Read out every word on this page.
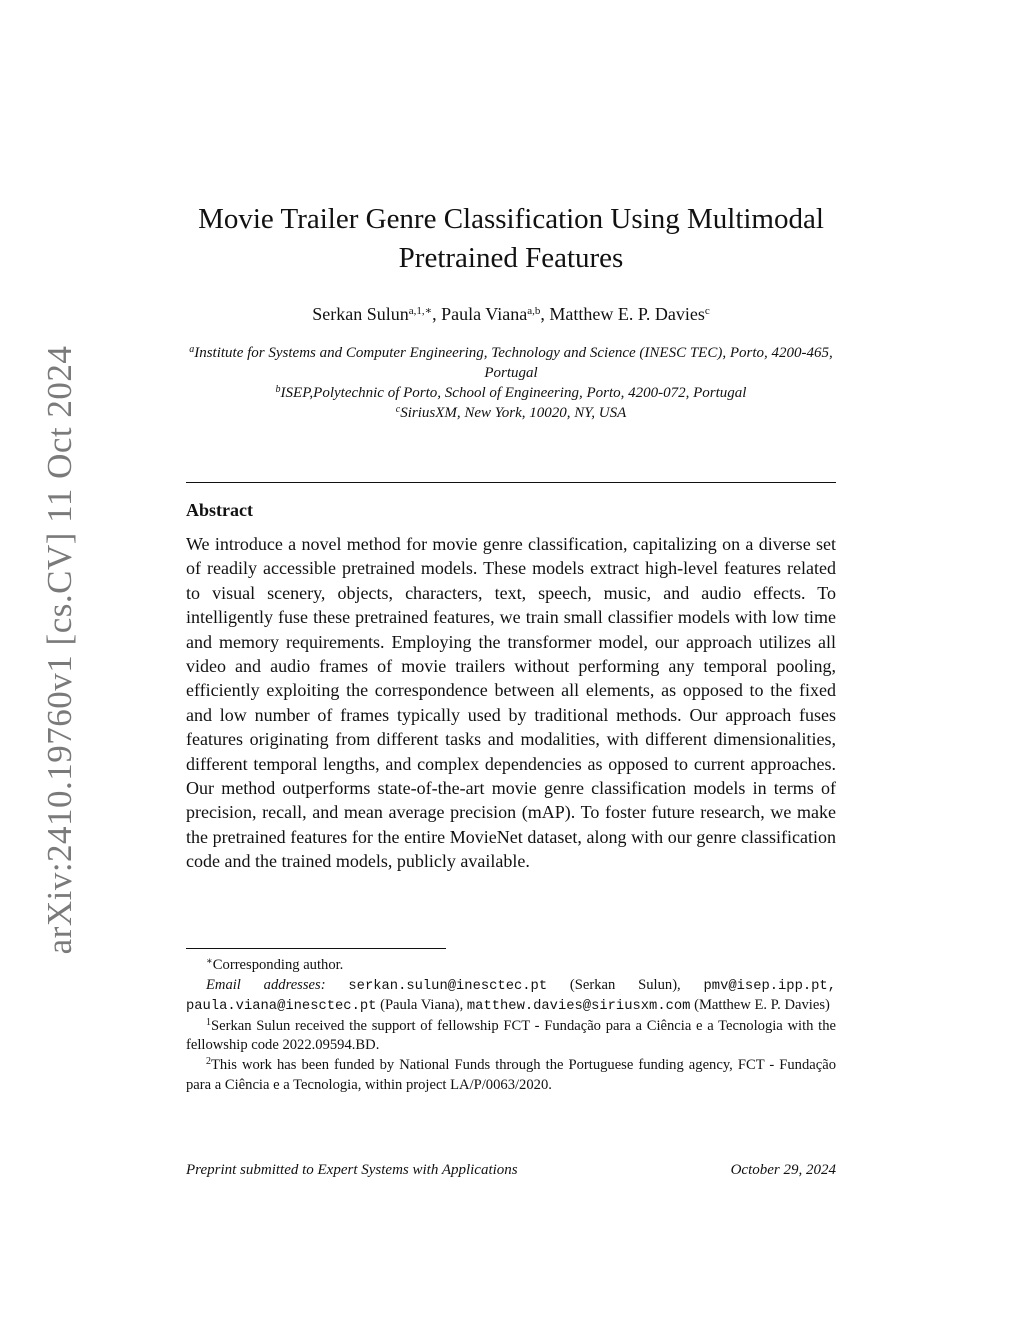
arXiv:2410.19760v1 [cs.CV] 11 Oct 2024
Movie Trailer Genre Classification Using Multimodal
Pretrained Features
Serkan Sulun$^{a,1,∗}$, Paula Viana$^{a,b}$, Matthew E. P. Davies$^c$
$^a$Institute for Systems and Computer Engineering, Technology and Science (INESC TEC), Porto, 4200-465, Portugal
$^b$ISEP,Polytechnic of Porto, School of Engineering, Porto, 4200-072, Portugal
$^c$SiriusXM, New York, 10020, NY, USA
Abstract
We introduce a novel method for movie genre classification, capitalizing on a diverse set of readily accessible pretrained models. These models extract high-level features related to visual scenery, objects, characters, text, speech, music, and audio effects. To intelligently fuse these pretrained features, we train small classifier models with low time and memory requirements. Employing the transformer model, our approach utilizes all video and audio frames of movie trailers without performing any temporal pooling, efficiently exploiting the correspondence between all elements, as opposed to the fixed and low number of frames typically used by traditional methods. Our approach fuses features originating from different tasks and modalities, with different dimensionalities, different temporal lengths, and complex dependencies as opposed to current approaches. Our method outperforms state-of-the-art movie genre classification models in terms of precision, recall, and mean average precision (mAP). To foster future research, we make the pretrained features for the entire MovieNet dataset, along with our genre classification code and the trained models, publicly available.

∗Corresponding author.

Email addresses: serkan.sulun@inesctec.pt (Serkan Sulun), pmv@isep.ipp.pt, paula.viana@inesctec.pt (Paula Viana), matthew.davies@siriusxm.com (Matthew E. P. Davies)

$^1$Serkan Sulun received the support of fellowship FCT - Fundação para a Ciência e a Tecnologia with the fellowship code 2022.09594.BD.

$^2$This work has been funded by National Funds through the Portuguese funding agency, FCT - Fundação para a Ciência e a Tecnologia, within project LA/P/0063/2020.

Preprint submitted to Expert Systems with Applications	October 29, 2024
